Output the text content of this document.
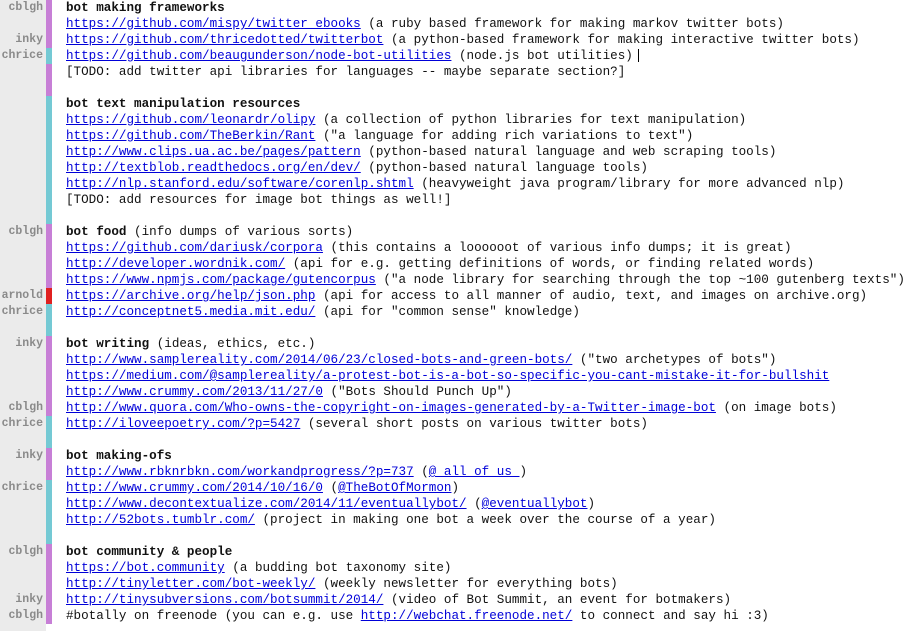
cblgh bot making frameworks
https://github.com/mispy/twitter_ebooks (a ruby based framework for making markov twitter bots)
inky https://github.com/thricedotted/twitterbot (a python-based framework for making interactive twitter bots)
chrice https://github.com/beaugunderson/node-bot-utilities (node.js bot utilities)
[TODO: add twitter api libraries for languages -- maybe separate section?]
bot text manipulation resources
https://github.com/leonardr/olipy (a collection of python libraries for text manipulation)
https://github.com/TheBerkin/Rant ("a language for adding rich variations to text")
http://www.clips.ua.ac.be/pages/pattern (python-based natural language and web scraping tools)
http://textblob.readthedocs.org/en/dev/ (python-based natural language tools)
http://nlp.stanford.edu/software/corenlp.shtml (heavyweight java program/library for more advanced nlp)
[TODO: add resources for image bot things as well!]
cblgh bot food (info dumps of various sorts)
https://github.com/dariusk/corpora (this contains a loooooot of various info dumps; it is great)
http://developer.wordnik.com/ (api for e.g. getting definitions of words, or finding related words)
https://www.npmjs.com/package/gutencorpus ("a node library for searching through the top ~100 gutenberg texts")
arnold https://archive.org/help/json.php (api for access to all manner of audio, text, and images on archive.org)
chrice http://conceptnet5.media.mit.edu/ (api for "common sense" knowledge)
inky bot writing (ideas, ethics, etc.)
http://www.samplereality.com/2014/06/23/closed-bots-and-green-bots/ ("two archetypes of bots")
https://medium.com/@samplereality/a-protest-bot-is-a-bot-so-specific-you-cant-mistake-it-for-bullshit
http://www.crummy.com/2013/11/27/0 ("Bots Should Punch Up")
cblgh http://www.quora.com/Who-owns-the-copyright-on-images-generated-by-a-Twitter-image-bot (on image bots)
chrice http://iloveepoetry.com/?p=5427 (several short posts on various twitter bots)
inky bot making-ofs
http://www.rbknrbkn.com/workandprogress/?p=737 (@_all_of_us_)
chrice http://www.crummy.com/2014/10/16/0 (@TheBotOfMormon)
http://www.decontextualize.com/2014/11/eventuallybot/ (@eventuallybot)
http://52bots.tumblr.com/ (project in making one bot a week over the course of a year)
cblgh bot community & people
https://bot.community (a budding bot taxonomy site)
http://tinyletter.com/bot-weekly/ (weekly newsletter for everything bots)
inky http://tinysubversions.com/botsummit/2014/ (video of Bot Summit, an event for botmakers)
cblgh #botally on freenode (you can e.g. use http://webchat.freenode.net/ to connect and say hi :3)
